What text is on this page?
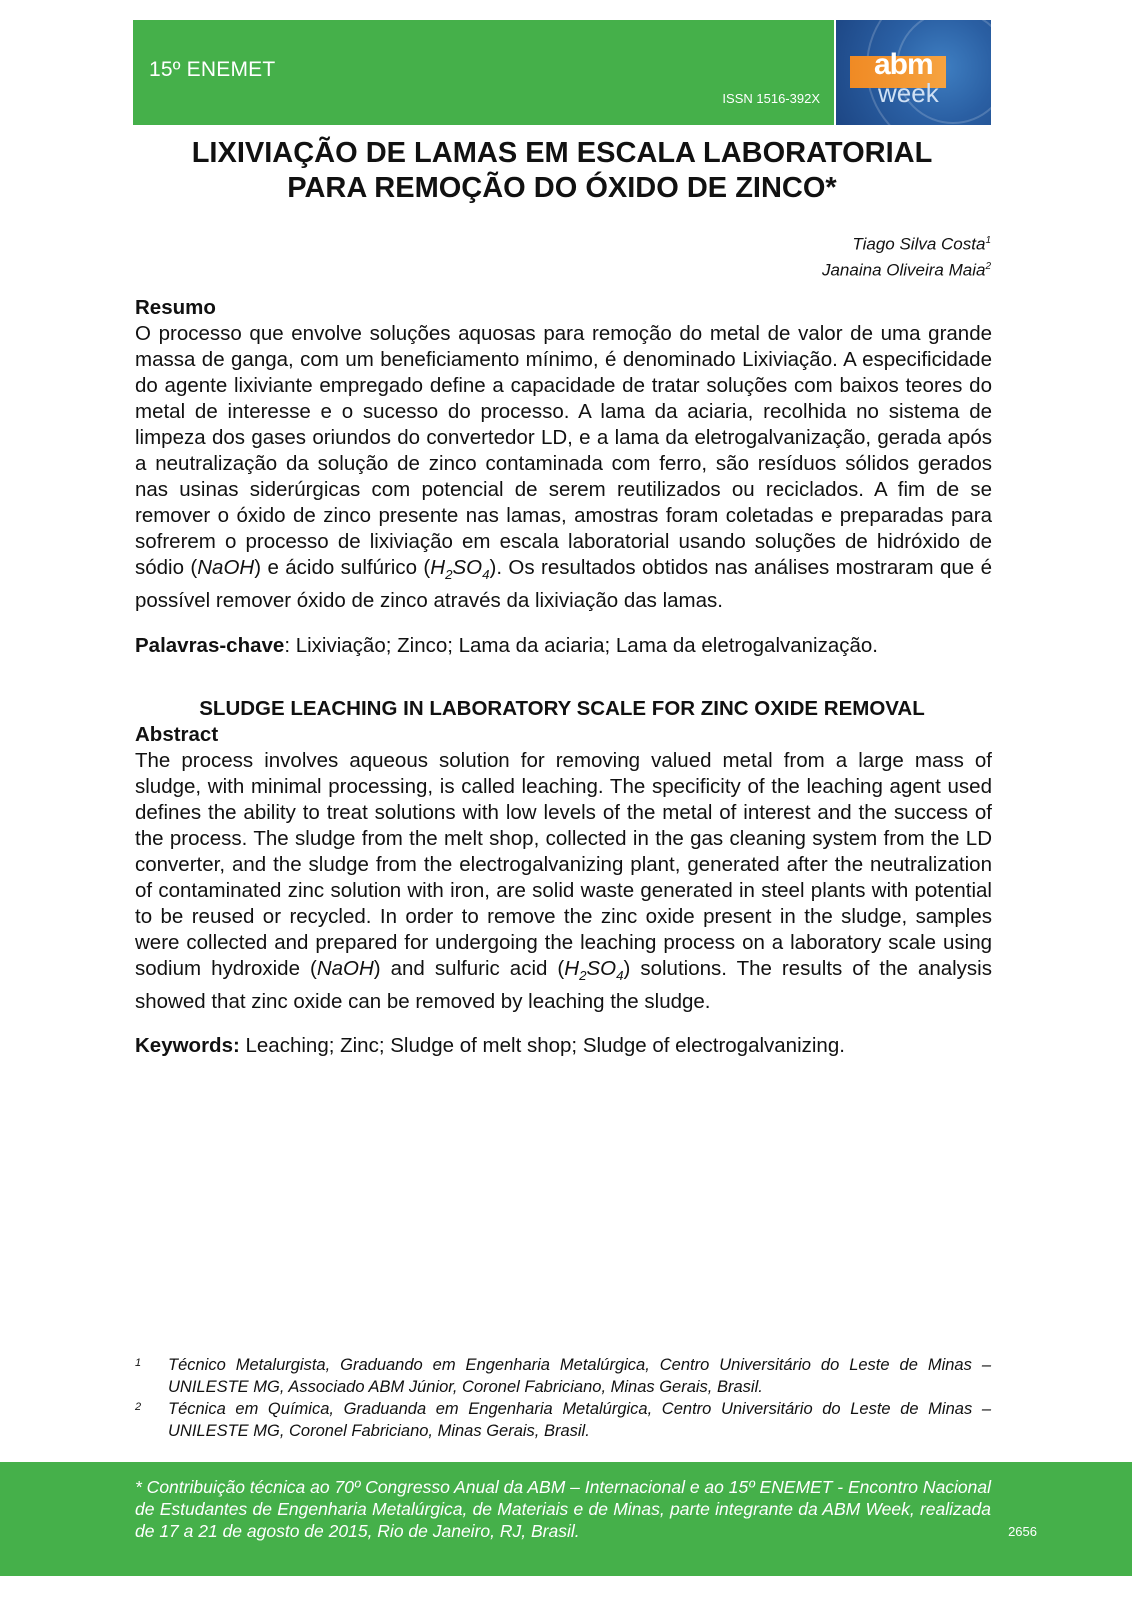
15º ENEMET
ISSN 1516-392X
abm
week
LIXIVIAÇÃO DE LAMAS EM ESCALA LABORATORIAL
PARA REMOÇÃO DO ÓXIDO DE ZINCO*
Tiago Silva Costa$^1$
Janaina Oliveira Maia$^2$
Resumo
O processo que envolve soluções aquosas para remoção do metal de valor de uma grande massa de ganga, com um beneficiamento mínimo, é denominado Lixiviação. A especificidade do agente lixiviante empregado define a capacidade de tratar soluções com baixos teores do metal de interesse e o sucesso do processo. A lama da aciaria, recolhida no sistema de limpeza dos gases oriundos do convertedor LD, e a lama da eletrogalvanização, gerada após a neutralização da solução de zinco contaminada com ferro, são resíduos sólidos gerados nas usinas siderúrgicas com potencial de serem reutilizados ou reciclados. A fim de se remover o óxido de zinco presente nas lamas, amostras foram coletadas e preparadas para sofrerem o processo de lixiviação em escala laboratorial usando soluções de hidróxido de sódio (NaOH) e ácido sulfúrico $(H_2SO_4)$. Os resultados obtidos nas análises mostraram que é possível remover óxido de zinco através da lixiviação das lamas.
Palavras-chave: Lixiviação; Zinco; Lama da aciaria; Lama da eletrogalvanização.
SLUDGE LEACHING IN LABORATORY SCALE FOR ZINC OXIDE REMOVAL
Abstract
The process involves aqueous solution for removing valued metal from a large mass of sludge, with minimal processing, is called leaching. The specificity of the leaching agent used defines the ability to treat solutions with low levels of the metal of interest and the success of the process. The sludge from the melt shop, collected in the gas cleaning system from the LD converter, and the sludge from the electrogalvanizing plant, generated after the neutralization of contaminated zinc solution with iron, are solid waste generated in steel plants with potential to be reused or recycled. In order to remove the zinc oxide present in the sludge, samples were collected and prepared for undergoing the leaching process on a laboratory scale using sodium hydroxide (NaOH) and sulfuric acid $(H_2SO_4)$ solutions. The results of the analysis showed that zinc oxide can be removed by leaching the sludge.
Keywords: Leaching; Zinc; Sludge of melt shop; Sludge of electrogalvanizing.
1 Técnico Metalurgista, Graduando em Engenharia Metalúrgica, Centro Universitário do Leste de Minas – UNILESTE MG, Associado ABM Júnior, Coronel Fabriciano, Minas Gerais, Brasil.
2 Técnica em Química, Graduanda em Engenharia Metalúrgica, Centro Universitário do Leste de Minas – UNILESTE MG, Coronel Fabriciano, Minas Gerais, Brasil.
* Contribuição técnica ao 70º Congresso Anual da ABM – Internacional e ao 15º ENEMET - Encontro Nacional de Estudantes de Engenharia Metalúrgica, de Materiais e de Minas, parte integrante da ABM Week, realizada de 17 a 21 de agosto de 2015, Rio de Janeiro, RJ, Brasil.	2656
